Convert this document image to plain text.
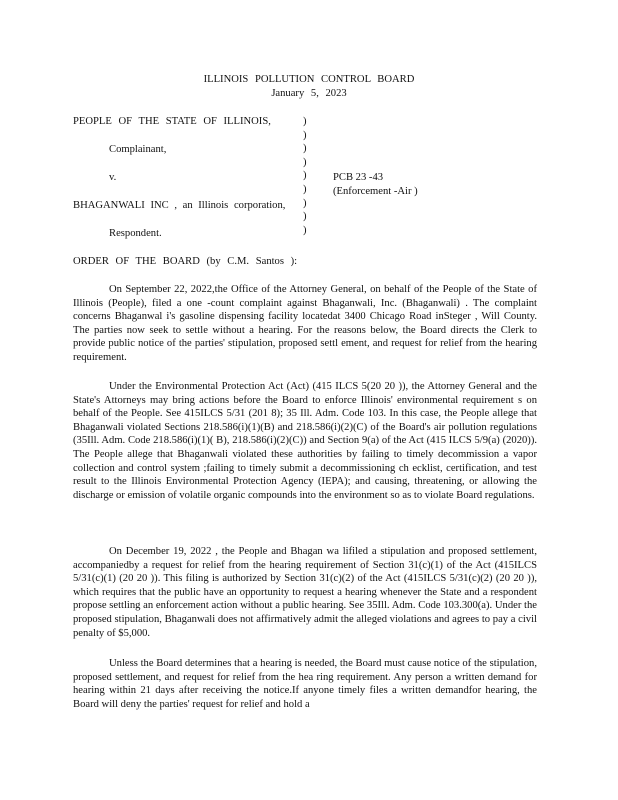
ILLINOIS POLLUTION CONTROL BOARD
January 5, 2023
PEOPLE OF THE STATE OF ILLINOIS,
Complainant,
v.
BHAGANWALI INC , an Illinois corporation,
Respondent.
)
)
)
)
)
)
)
)
)
PCB 23 -43
(Enforcement -Air )
ORDER OF THE BOARD (by C.M. Santos ):

On September 22, 2022,the Office of the Attorney General, on behalf of the People of the State of Illinois (People), filed a one -count complaint against Bhaganwali, Inc. (Bhaganwali) . The complaint concerns Bhaganwal i's gasoline dispensing facility locatedat 3400 Chicago Road inSteger , Will County. The parties now seek to settle without a hearing. For the reasons below, the Board directs the Clerk to provide public notice of the parties' stipulation, proposed settl ement, and request for relief from the hearing requirement.

Under the Environmental Protection Act (Act) (415 ILCS 5(20 20 )), the Attorney General and the State's Attorneys may bring actions before the Board to enforce Illinois' environmental requirement s on behalf of the People. See 415ILCS 5/31 (201 8); 35 Ill. Adm. Code 103. In this case, the People allege that Bhaganwali violated Sections 218.586(i)(1)(B) and 218.586(i)(2)(C) of the Board's air pollution regulations (35Ill. Adm. Code 218.586(i)(1)( B), 218.586(i)(2)(C)) and Section 9(a) of the Act (415 ILCS 5/9(a) (2020)). The People allege that Bhaganwali violated these authorities by failing to timely decommission a vapor collection and control system ;failing to timely submit a decommissioning ch ecklist, certification, and test result to the Illinois Environmental Protection Agency (IEPA); and causing, threatening, or allowing the discharge or emission of volatile organic compounds into the environment so as to violate Board regulations.

On December 19, 2022 , the People and Bhagan wa lifiled a stipulation and proposed settlement, accompaniedby a request for relief from the hearing requirement of Section 31(c)(1) of the Act (415ILCS 5/31(c)(1) (20 20 )). This filing is authorized by Section 31(c)(2) of the Act (415ILCS 5/31(c)(2) (20 20 )), which requires that the public have an opportunity to request a hearing whenever the State and a respondent propose settling an enforcement action without a public hearing. See 35Ill. Adm. Code 103.300(a). Under the proposed stipulation, Bhaganwali does not affirmatively admit the alleged violations and agrees to pay a civil penalty of $5,000.

Unless the Board determines that a hearing is needed, the Board must cause notice of the stipulation, proposed settlement, and request for relief from the hea ring requirement. Any person a written demand for hearing within 21 days after receiving the notice.If anyone timely files a written demandfor hearing, the Board will deny the parties' request for relief and hold a
